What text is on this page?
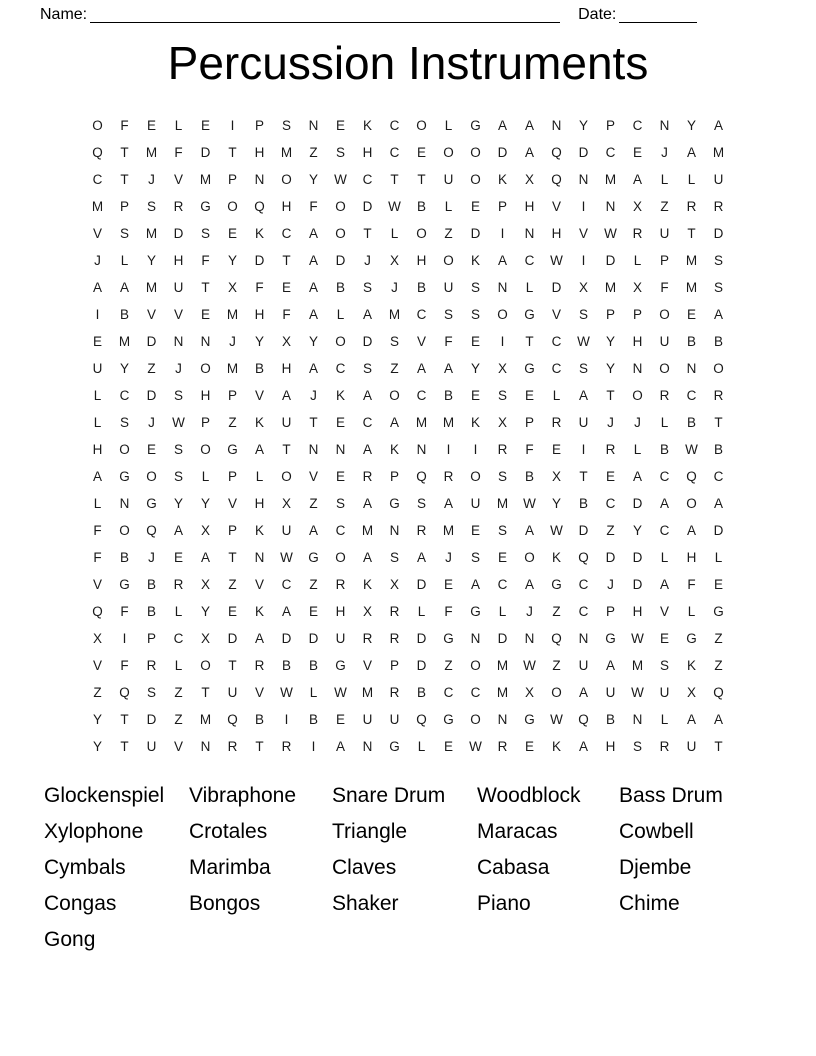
Name:	Date:
Percussion Instruments
O	F	E	L	E	I	P	S	N	E	K	C	O	L	G	A	A	N	Y	P	C	N	Y	A
Q	T	M	F	D	T	H	M	Z	S	H	C	E	O	O	D	A	Q	D	C	E	J	A	M
C	T	J	V	M	P	N	O	Y	W	C	T	T	U	O	K	X	Q	N	M	A	L	L	U
M	P	S	R	G	O	Q	H	F	O	D	W	B	L	E	P	H	V	I	N	X	Z	R	R
V	S	M	D	S	E	K	C	A	O	T	L	O	Z	D	I	N	H	V	W	R	U	T	D
J	L	Y	H	F	Y	D	T	A	D	J	X	H	O	K	A	C	W	I	D	L	P	M	S
A	A	M	U	T	X	F	E	A	B	S	J	B	U	S	N	L	D	X	M	X	F	M	S
I	B	V	V	E	M	H	F	A	L	A	M	C	S	S	O	G	V	S	P	P	O	E	A
E	M	D	N	N	J	Y	X	Y	O	D	S	V	F	E	I	T	C	W	Y	H	U	B	B
U	Y	Z	J	O	M	B	H	A	C	S	Z	A	A	Y	X	G	C	S	Y	N	O	N	O
L	C	D	S	H	P	V	A	J	K	A	O	C	B	E	S	E	L	A	T	O	R	C	R
L	S	J	W	P	Z	K	U	T	E	C	A	M	M	K	X	P	R	U	J	J	L	B	T
H	O	E	S	O	G	A	T	N	N	A	K	N	I	I	R	F	E	I	R	L	B	W	B
A	G	O	S	L	P	L	O	V	E	R	P	Q	R	O	S	B	X	T	E	A	C	Q	C
L	N	G	Y	Y	V	H	X	Z	S	A	G	S	A	U	M	W	Y	B	C	D	A	O	A
F	O	Q	A	X	P	K	U	A	C	M	N	R	M	E	S	A	W	D	Z	Y	C	A	D
F	B	J	E	A	T	N	W	G	O	A	S	A	J	S	E	O	K	Q	D	D	L	H	L
V	G	B	R	X	Z	V	C	Z	R	K	X	D	E	A	C	A	G	C	J	D	A	F	E
Q	F	B	L	Y	E	K	A	E	H	X	R	L	F	G	L	J	Z	C	P	H	V	L	G
X	I	P	C	X	D	A	D	D	U	R	R	D	G	N	D	N	Q	N	G	W	E	G	Z
V	F	R	L	O	T	R	B	B	G	V	P	D	Z	O	M	W	Z	U	A	M	S	K	Z
Z	Q	S	Z	T	U	V	W	L	W	M	R	B	C	C	M	X	O	A	U	W	U	X	Q
Y	T	D	Z	M	Q	B	I	B	E	U	U	Q	G	O	N	G	W	Q	B	N	L	A	A
Y	T	U	V	N	R	T	R	I	A	N	G	L	E	W	R	E	K	A	H	S	R	U	T
Glockenspiel	Vibraphone	Snare Drum	Woodblock	Bass Drum
Xylophone	Crotales	Triangle	Maracas	Cowbell
Cymbals	Marimba	Claves	Cabasa	Djembe
Congas	Bongos	Shaker	Piano	Chime
Gong
